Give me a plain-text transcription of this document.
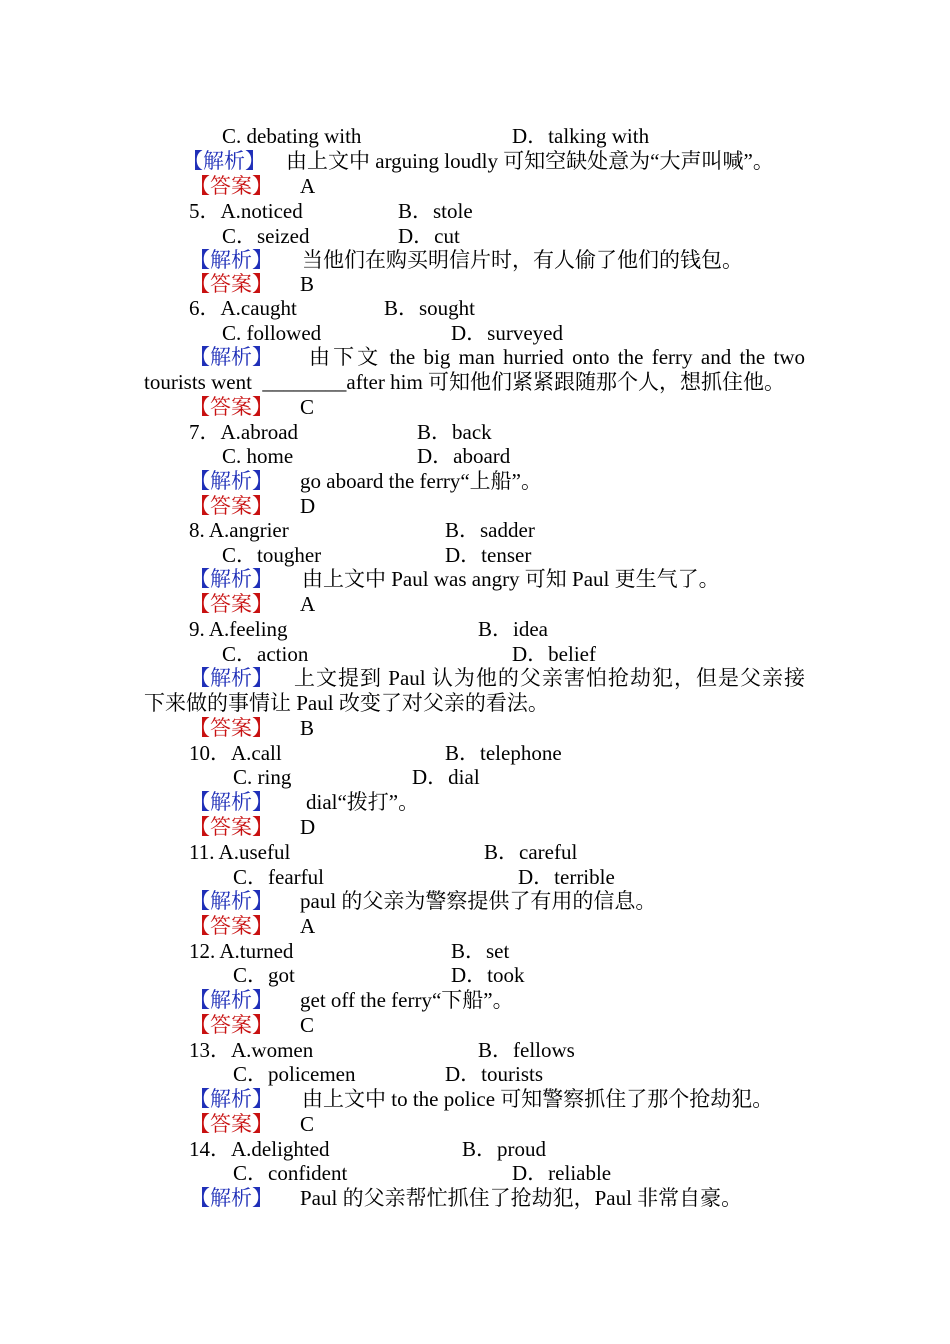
C. debating with

	D．talking with

【解析】

由上文中 arguing loudly 可知空缺处意为“大声叫喊”。

【答案】

A

5．A.noticed

	B．stole

C．seized

	D．cut

【解析】

当他们在购买明信片时，有人偷了他们的钱包。

【答案】

B

6．A.caught

	B．sought

C. followed

	D．surveyed

【解析】

由下文 the big man hurried onto the ferry and the two

tourists went  ________after him 可知他们紧紧跟随那个人，想抓住他。

【答案】

C

7．A.abroad

	B．back

C. home

	D．aboard

【解析】

go aboard the ferry“上船”。

【答案】

D

8. A.angrier

	B．sadder

C．tougher

	D．tenser

【解析】

由上文中 Paul was angry 可知 Paul 更生气了。

【答案】

A

9. A.feeling

	B．idea

C．action

	D．belief

【解析】

上文提到 Paul 认为他的父亲害怕抢劫犯，但是父亲接

下来做的事情让 Paul 改变了对父亲的看法。

【答案】

B

10．A.call

	B．telephone

C. ring

	D．dial

【解析】

dial“拨打”。

【答案】

D

11. A.useful

	B．careful

C．fearful

	D．terrible

【解析】

paul 的父亲为警察提供了有用的信息。

【答案】

A

12. A.turned

	B．set

C．got

	D．took

【解析】

get off the ferry“下船”。

【答案】

C

13．A.women

	B．fellows

C．policemen

	D．tourists

【解析】

由上文中 to the police 可知警察抓住了那个抢劫犯。

【答案】

C

14．A.delighted

	B．proud

C．confident

	D．reliable

【解析】

Paul 的父亲帮忙抓住了抢劫犯，Paul 非常自豪。
